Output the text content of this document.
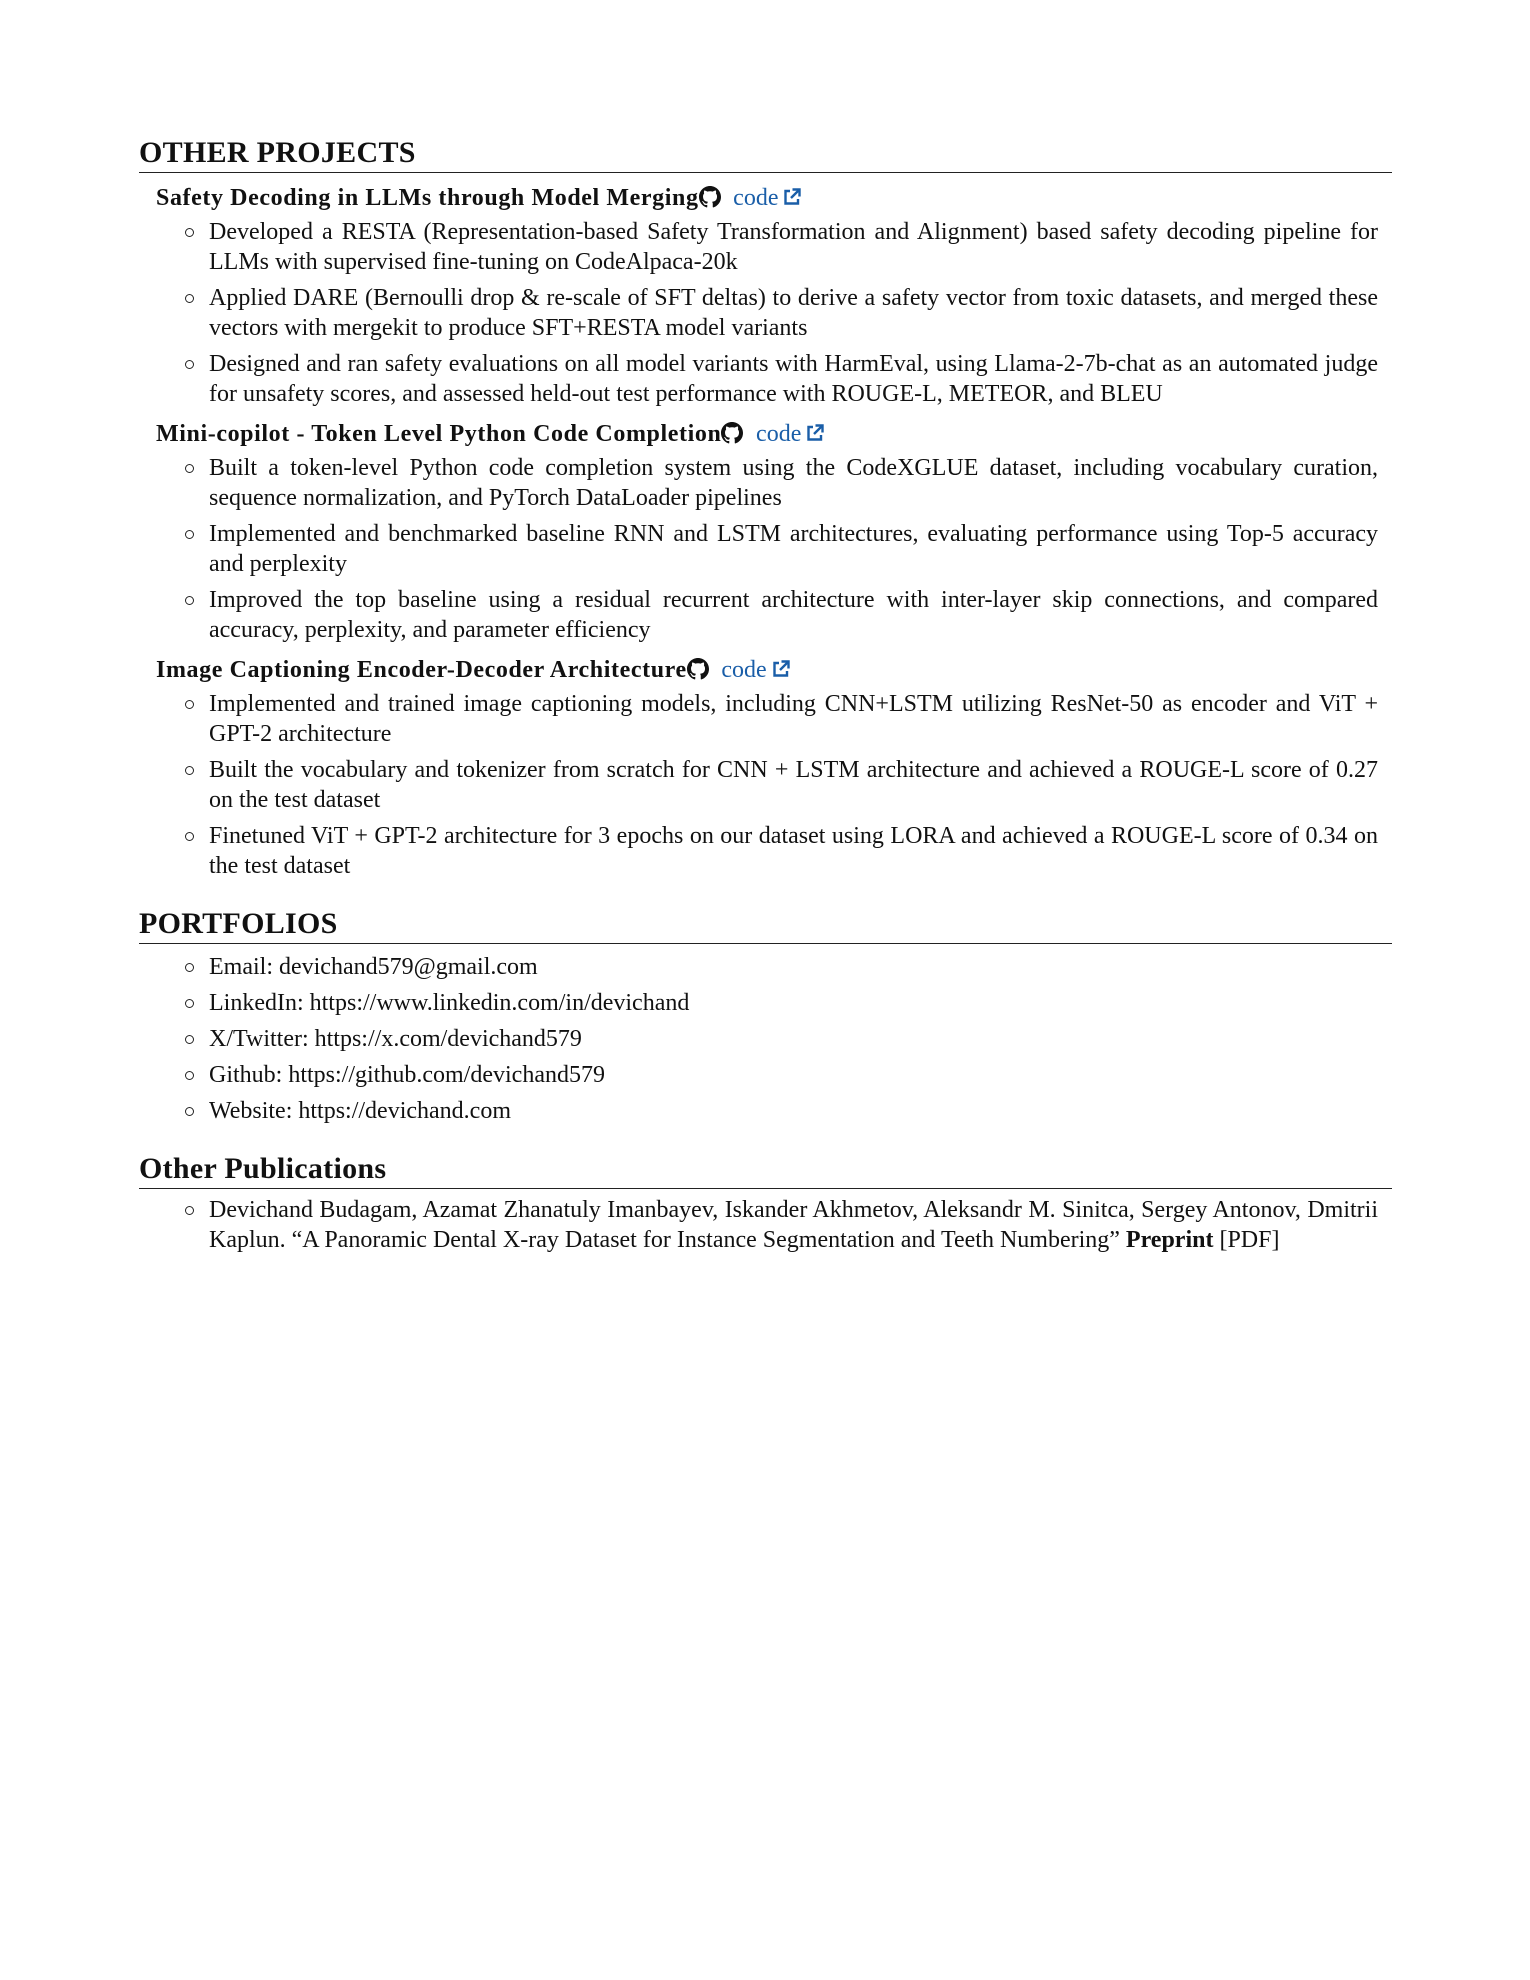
OTHER PROJECTS
Safety Decoding in LLMs through Model Merging code
Developed a RESTA (Representation-based Safety Transformation and Alignment) based safety decoding pipeline for LLMs with supervised fine-tuning on CodeAlpaca-20k
Applied DARE (Bernoulli drop & re-scale of SFT deltas) to derive a safety vector from toxic datasets, and merged these vectors with mergekit to produce SFT+RESTA model variants
Designed and ran safety evaluations on all model variants with HarmEval, using Llama-2-7b-chat as an automated judge for unsafety scores, and assessed held-out test performance with ROUGE-L, METEOR, and BLEU
Mini-copilot - Token Level Python Code Completion code
Built a token-level Python code completion system using the CodeXGLUE dataset, including vocabulary curation, sequence normalization, and PyTorch DataLoader pipelines
Implemented and benchmarked baseline RNN and LSTM architectures, evaluating performance using Top-5 accuracy and perplexity
Improved the top baseline using a residual recurrent architecture with inter-layer skip connections, and compared accuracy, perplexity, and parameter efficiency
Image Captioning Encoder-Decoder Architecture code
Implemented and trained image captioning models, including CNN+LSTM utilizing ResNet-50 as encoder and ViT + GPT-2 architecture
Built the vocabulary and tokenizer from scratch for CNN + LSTM architecture and achieved a ROUGE-L score of 0.27 on the test dataset
Finetuned ViT + GPT-2 architecture for 3 epochs on our dataset using LORA and achieved a ROUGE-L score of 0.34 on the test dataset
PORTFOLIOS
Email: devichand579@gmail.com
LinkedIn: https://www.linkedin.com/in/devichand
X/Twitter: https://x.com/devichand579
Github: https://github.com/devichand579
Website: https://devichand.com
Other Publications
Devichand Budagam, Azamat Zhanatuly Imanbayev, Iskander Akhmetov, Aleksandr M. Sinitca, Sergey Antonov, Dmitrii Kaplun. “A Panoramic Dental X-ray Dataset for Instance Segmentation and Teeth Numbering” Preprint [PDF]
